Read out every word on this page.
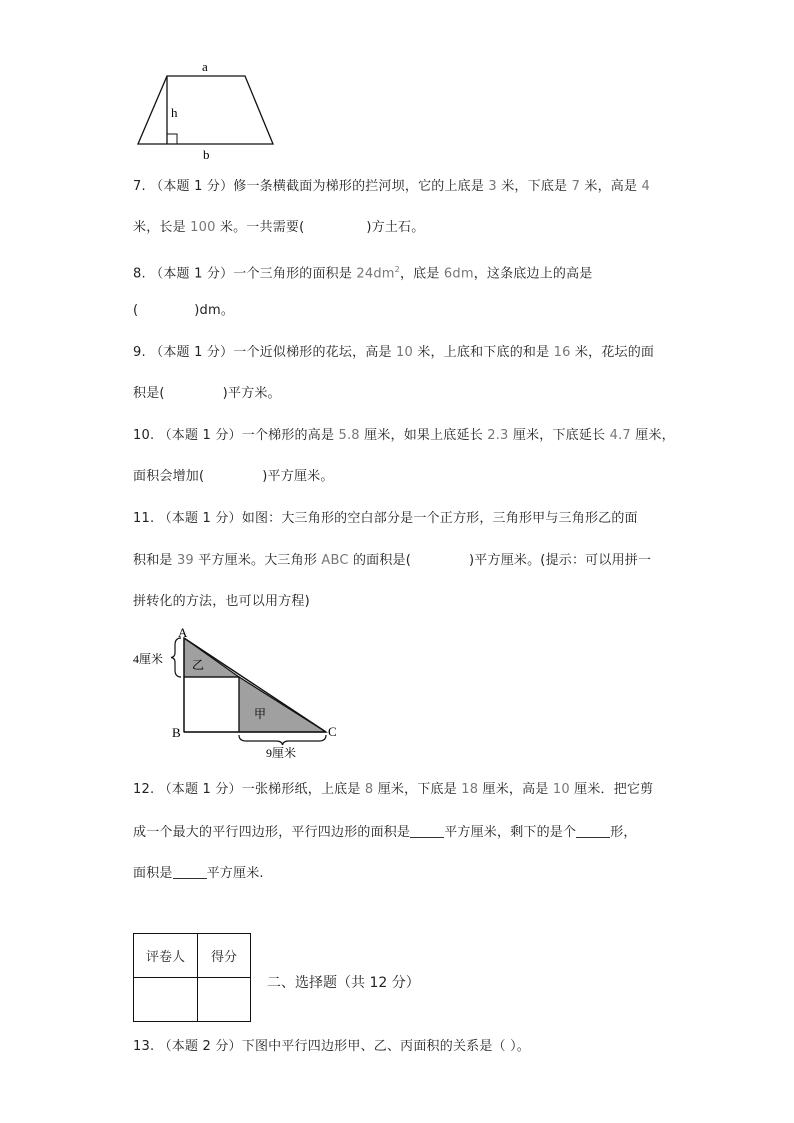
a
h
b
7. （本题 1 分）修一条横截面为梯形的拦河坝，它的上底是 3 米，下底是 7 米，高是 4
米，长是 100 米。一共需要(	)方土石。
8. （本题 1 分）一个三角形的面积是 $24dm^2$，底是 6dm，这条底边上的高是
(	)dm。
9. （本题 1 分）一个近似梯形的花坛，高是 10 米，上底和下底的和是 16 米，花坛的面
积是(	)平方米。
10. （本题 1 分）一个梯形的高是 5.8 厘米，如果上底延长 2.3 厘米，下底延长 4.7 厘米，
面积会增加(	)平方厘米。
11. （本题 1 分）如图：大三角形的空白部分是一个正方形，三角形甲与三角形乙的面
积和是 39 平方厘米。大三角形 ABC 的面积是(	)平方厘米。(提示：可以用拼一
拼转化的方法，也可以用方程)
A
B	C
4厘米
9厘米
乙
甲
12. （本题 1 分）一张梯形纸，上底是 8 厘米，下底是 18 厘米，高是 10 厘米．把它剪
成一个最大的平行四边形，平行四边形的面积是	平方厘米，剩下的是个	形，
面积是	平方厘米.
评卷人	得分

二、选择题（共 12 分）
13. （本题 2 分）下图中平行四边形甲、乙、丙面积的关系是（ ）。
